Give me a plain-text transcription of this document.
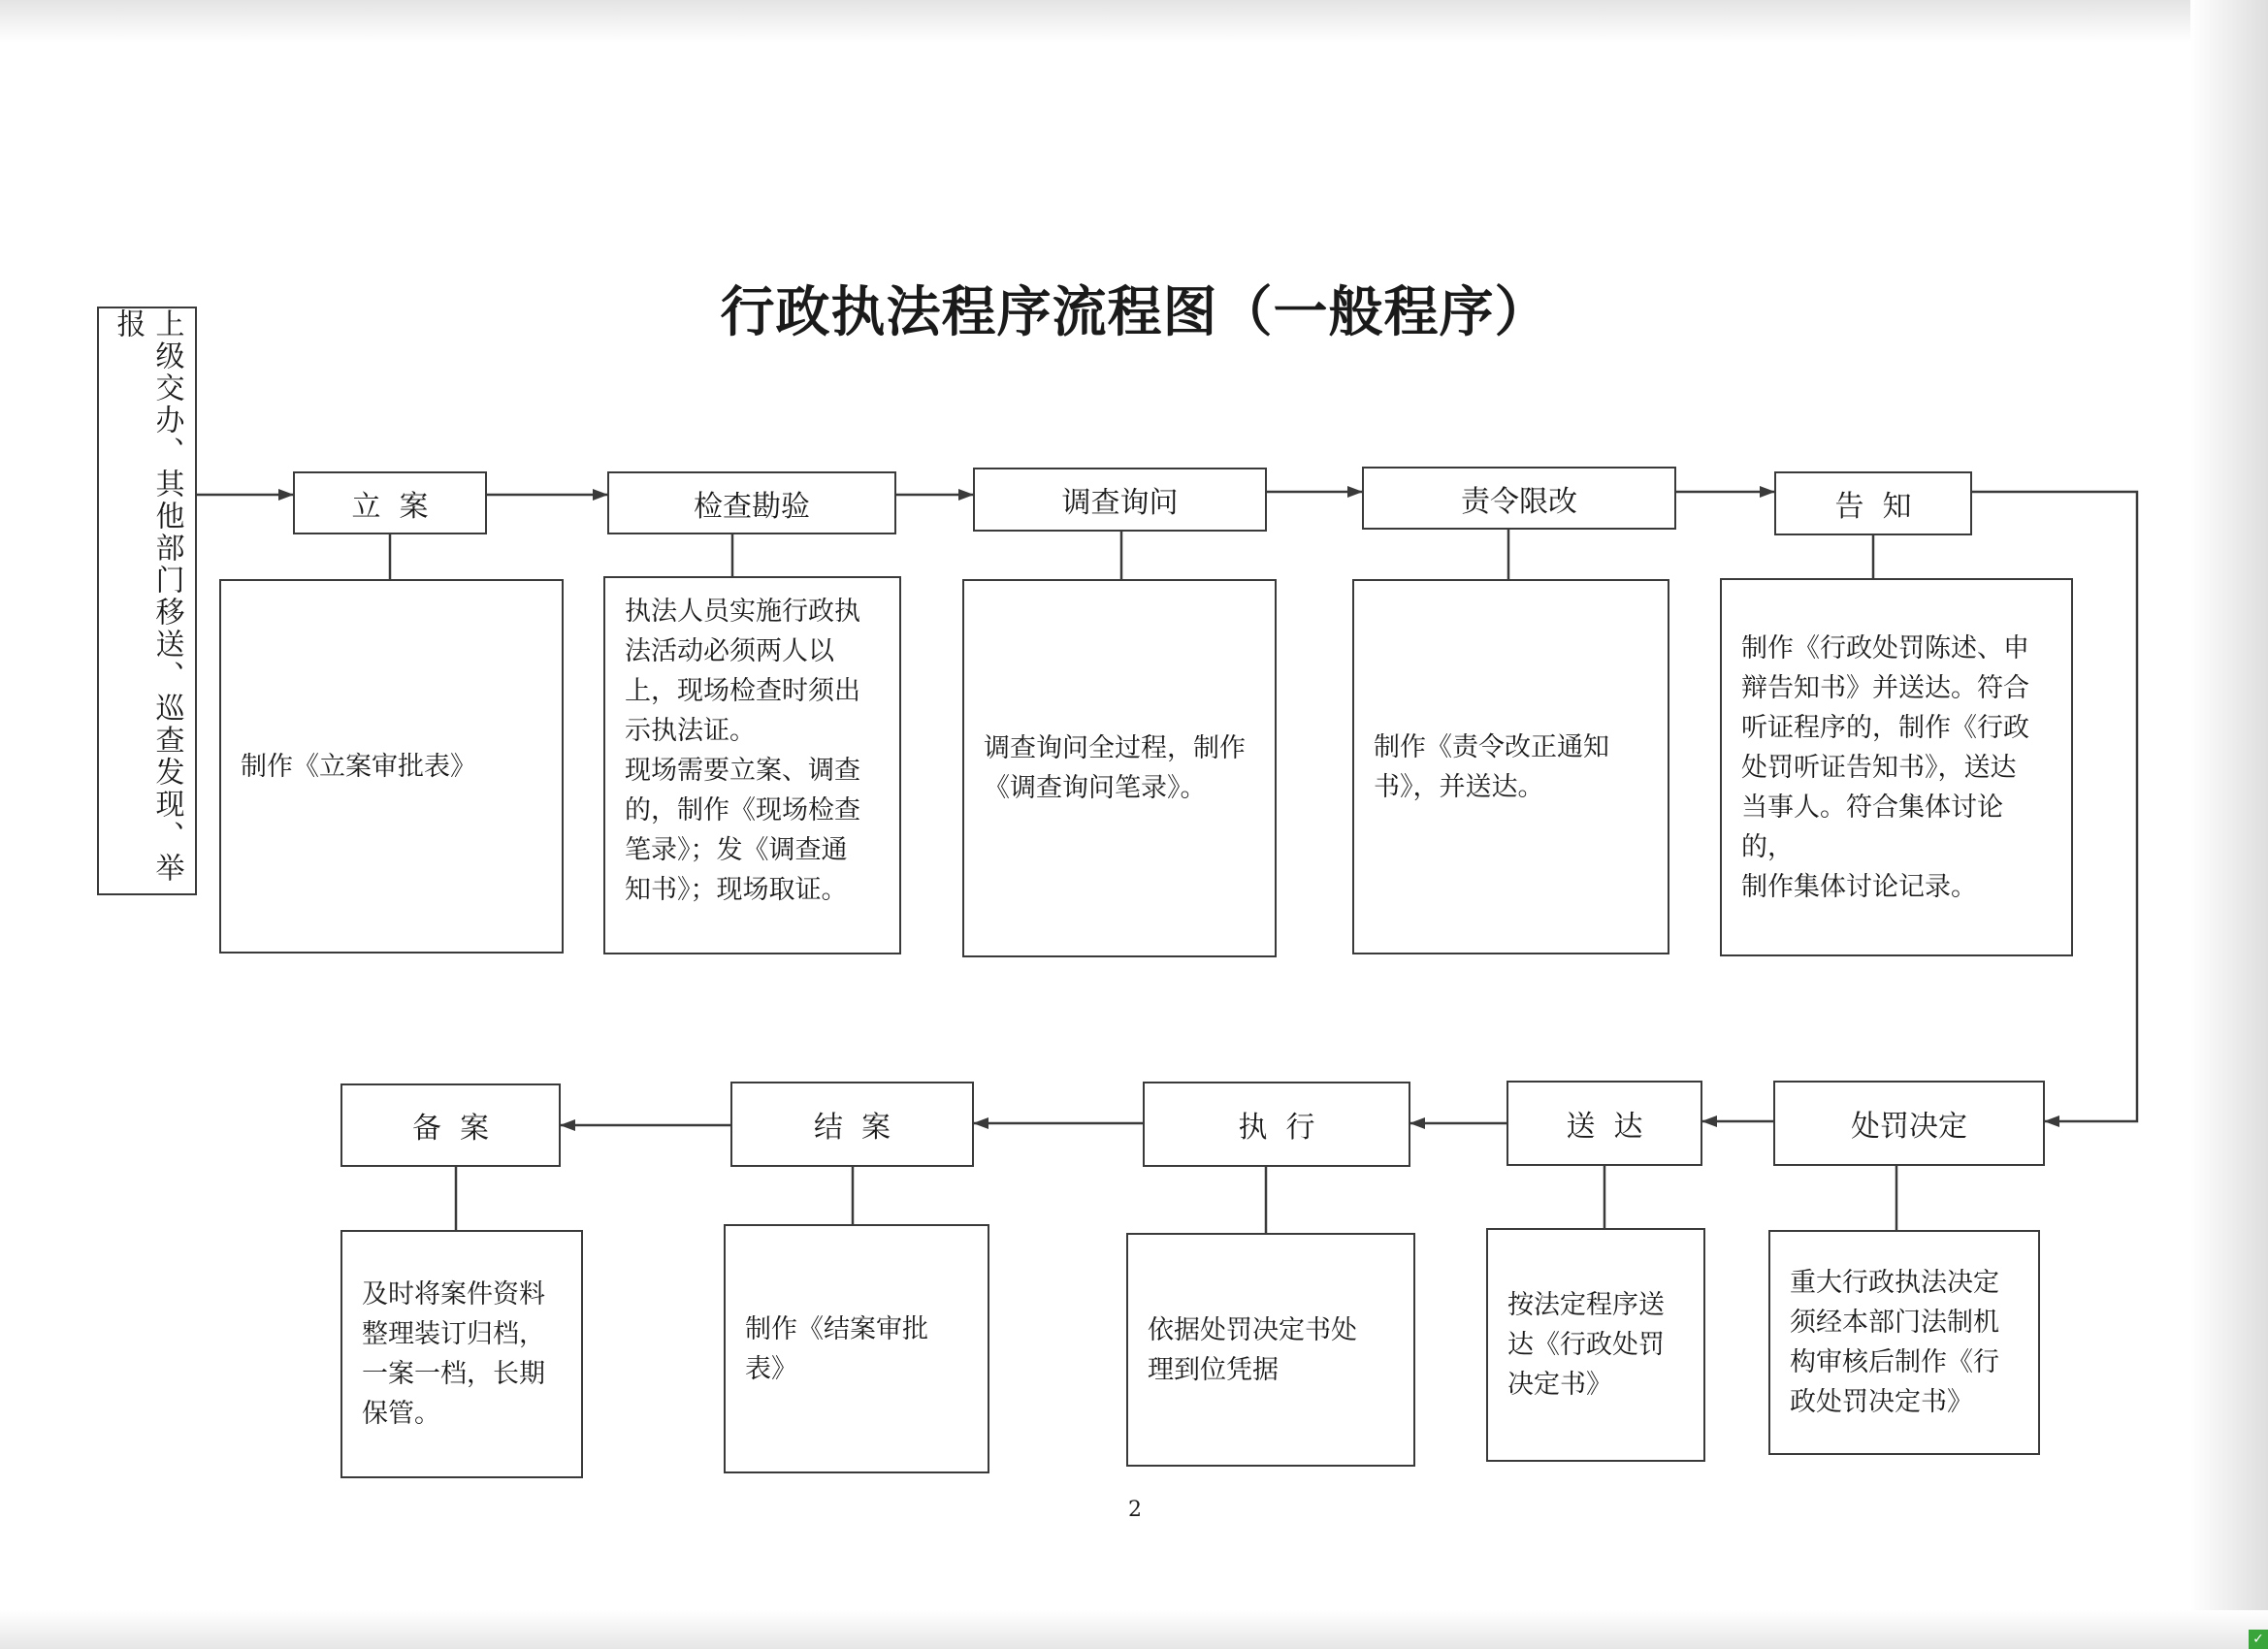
行政执法程序流程图（一般程序）
上级交办、其他部门移送、巡查发现、举报
立  案	检查勘验	调查询问	责令限改	告  知
制作《立案审批表》
执法人员实施行政执
法活动必须两人以
上，现场检查时须出
示执法证。
现场需要立案、调查
的，制作《现场检查
笔录》；发《调查通
知书》；现场取证。
调查询问全过程，制作
《调查询问笔录》。
制作《责令改正通知
书》，并送达。
制作《行政处罚陈述、申
辩告知书》并送达。符合
听证程序的，制作《行政
处罚听证告知书》，送达
当事人。符合集体讨论的，
制作集体讨论记录。
处罚决定
送  达
执  行
结  案
备  案
重大行政执法决定
须经本部门法制机
构审核后制作《行
政处罚决定书》
按法定程序送
达《行政处罚
决定书》
依据处罚决定书处
理到位凭据
制作《结案审批
表》
及时将案件资料
整理装订归档，
一案一档，长期
保管。
2
✓
